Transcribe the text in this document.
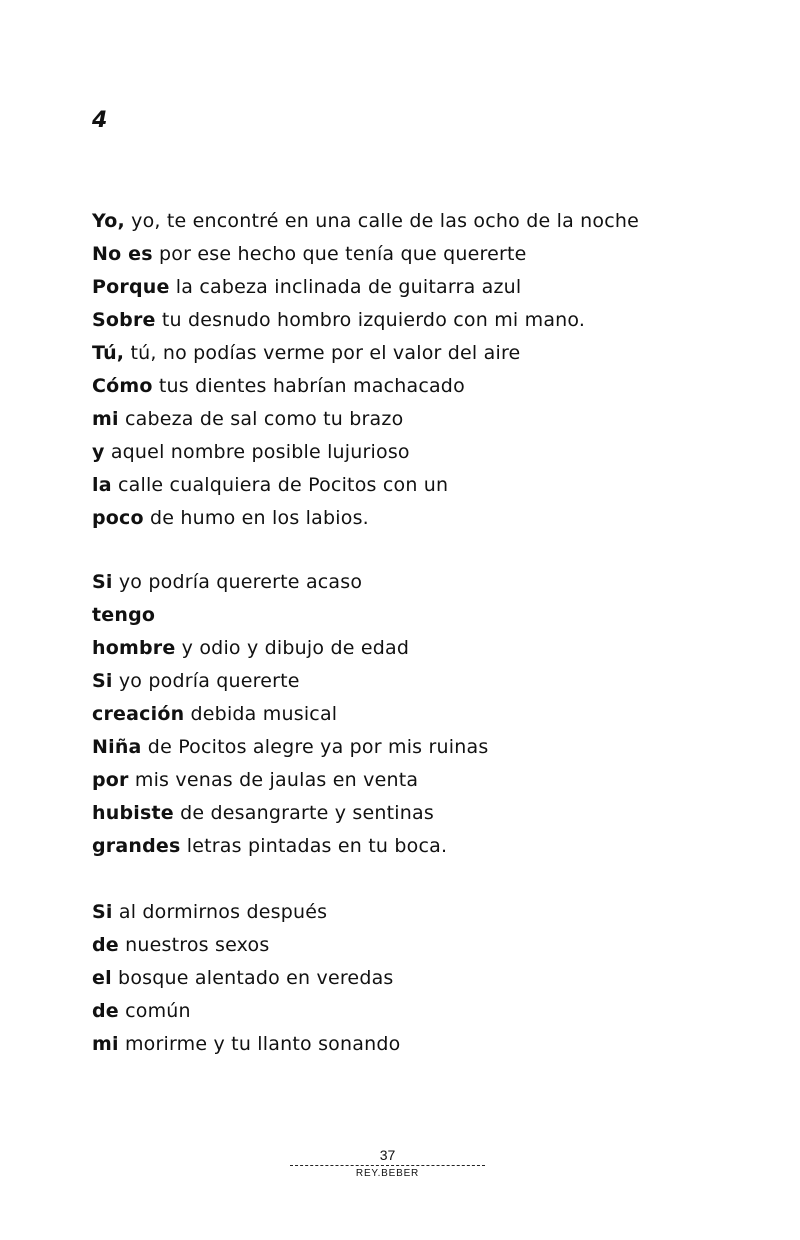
4
Yo, yo, te encontré en una calle de las ocho de la noche
No es por ese hecho que tenía que quererte
Porque la cabeza inclinada de guitarra azul
Sobre tu desnudo hombro izquierdo con mi mano.
Tú, tú, no podías verme por el valor del aire
Cómo tus dientes habrían machacado
mi cabeza de sal como tu brazo
y aquel nombre posible lujurioso
la calle cualquiera de Pocitos con un
poco de humo en los labios.
Si yo podría quererte acaso
tengo
hombre y odio y dibujo de edad
Si yo podría quererte
creación debida musical
Niña de Pocitos alegre ya por mis ruinas
por mis venas de jaulas en venta
hubiste de desangrarte y sentinas
grandes letras pintadas en tu boca.
Si al dormirnos después
de nuestros sexos
el bosque alentado en veredas
de común
mi morirme y tu llanto sonando
37
REY.BEBER
